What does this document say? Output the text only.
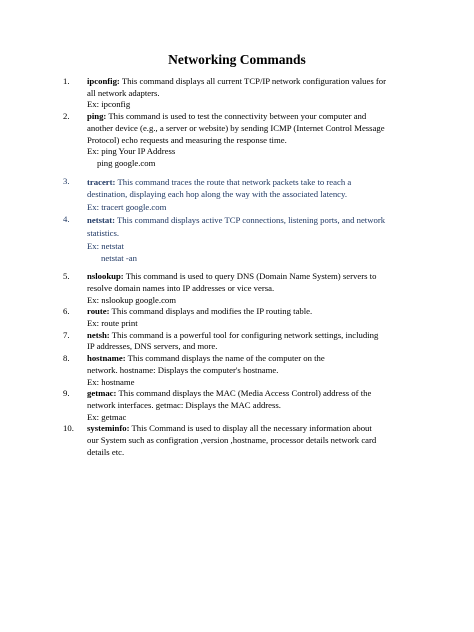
Networking Commands
1. ipconfig: This command displays all current TCP/IP network configuration values for
all network adapters.
Ex: ipconfig
2. ping: This command is used to test the connectivity between your computer and
another device (e.g., a server or website) by sending ICMP (Internet Control Message
Protocol) echo requests and measuring the response time.
Ex: ping Your IP Address
ping google.com
3. tracert: This command traces the route that network packets take to reach a
destination, displaying each hop along the way with the associated latency.
Ex: tracert google.com
4. netstat: This command displays active TCP connections, listening ports, and network
statistics.
Ex: netstat
netstat -an
5. nslookup: This command is used to query DNS (Domain Name System) servers to
resolve domain names into IP addresses or vice versa.
Ex: nslookup google.com
6. route: This command displays and modifies the IP routing table.
Ex: route print
7. netsh: This command is a powerful tool for configuring network settings, including
IP addresses, DNS servers, and more.
8. hostname: This command displays the name of the computer on the
network. hostname: Displays the computer's hostname.
Ex: hostname
9. getmac: This command displays the MAC (Media Access Control) address of the
network interfaces. getmac: Displays the MAC address.
Ex: getmac
10. systeminfo: This Command is used to display all the necessary information about
our System such as configration ,version ,hostname, processor details network card
details etc.
